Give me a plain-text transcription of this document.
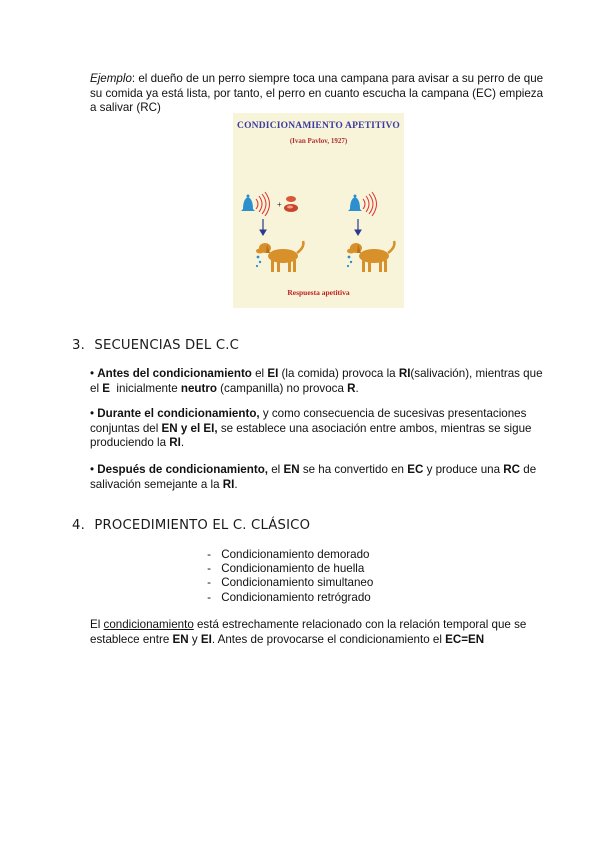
Ejemplo: el dueño de un perro siempre toca una campana para avisar a su perro de que su comida ya está lista, por tanto, el perro en cuanto escucha la campana (EC) empieza a salivar (RC)
+
CONDICIONAMIENTO APETITIVO
(Ivan Pavlov, 1927)
Respuesta apetitiva
3. SECUENCIAS DEL C.C
• Antes del condicionamiento el EI (la comida) provoca la RI(salivación), mientras que el E  inicialmente neutro (campanilla) no provoca R.
• Durante el condicionamiento, y como consecuencia de sucesivas presentaciones conjuntas del EN y el EI, se establece una asociación entre ambos, mientras se sigue produciendo la RI.
• Después de condicionamiento, el EN se ha convertido en EC y produce una RC de salivación semejante a la RI.
4. PROCEDIMIENTO EL C. CLÁSICO
- Condicionamiento demorado
- Condicionamiento de huella
- Condicionamiento simultaneo
- Condicionamiento retrógrado
El condicionamiento está estrechamente relacionado con la relación temporal que se establece entre EN y EI. Antes de provocarse el condicionamiento el EC=EN
